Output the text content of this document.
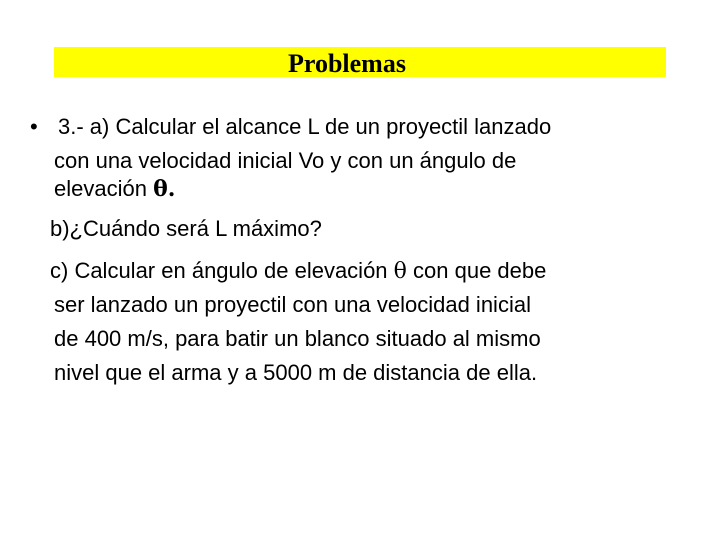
Problemas
• 3.- a) Calcular el alcance L de un proyectil lanzado
con una velocidad inicial Vo y con un ángulo de
elevación θ.
b)¿Cuándo será L máximo?
c) Calcular en ángulo de elevación θ con que debe
ser lanzado un proyectil con una velocidad inicial
de 400 m/s, para batir un blanco situado al mismo
nivel que el arma y a 5000 m de distancia de ella.
